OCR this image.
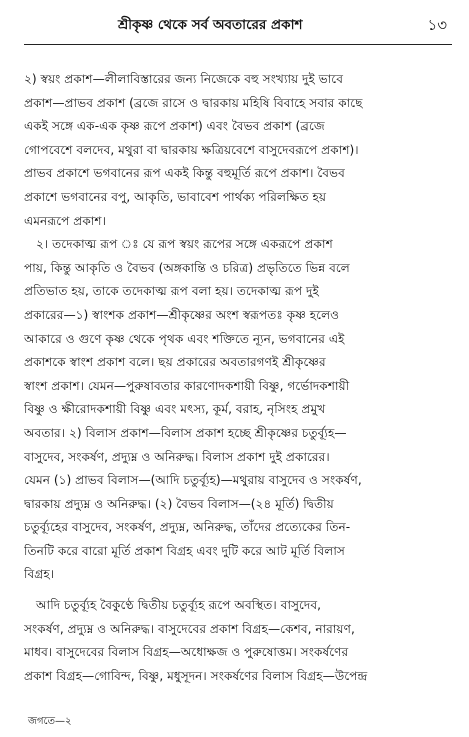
শ্রীকৃষ্ণ থেকে সর্ব অবতারের প্রকাশ	১৩
২) স্বয়ং প্রকাশ—লীলাবিস্তারের জন্য নিজেকে বহু সংখ্যায় দুই ভাবে
প্রকাশ—প্রাভব প্রকাশ (ব্রজে রাসে ও দ্বারকায় মহিষি বিবাহে সবার কাছে
একই সঙ্গে এক-এক কৃষ্ণ রূপে প্রকাশ) এবং বৈভব প্রকাশ (ব্রজে
গোপবেশে বলদেব, মথুরা বা দ্বারকায় ক্ষত্রিয়বেশে বাসুদেবরূপে প্রকাশ)।
প্রাভব প্রকাশে ভগবানের রূপ একই কিন্তু বহুমূর্তি রূপে প্রকাশ। বৈভব
প্রকাশে ভগবানের বপু, আকৃতি, ভাবাবেশ পার্থক্য পরিলক্ষিত হয়
এমনরূপে প্রকাশ।
২। তদেকাত্ম রূপ ঃ যে রূপ স্বয়ং রূপের সঙ্গে একরূপে প্রকাশ
পায়, কিন্তু আকৃতি ও বৈভব (অঙ্গকান্তি ও চরিত্র) প্রভৃতিতে ভিন্ন বলে
প্রতিভাত হয়, তাকে তদেকাত্ম রূপ বলা হয়। তদেকাত্ম রূপ দুই
প্রকারের—১) স্বাংশক প্রকাশ—শ্রীকৃষ্ণের অংশ স্বরূপতঃ কৃষ্ণ হলেও
আকারে ও গুণে কৃষ্ণ থেকে পৃথক এবং শক্তিতে ন্যূন, ভগবানের এই
প্রকাশকে স্বাংশ প্রকাশ বলে। ছয় প্রকারের অবতারগণই শ্রীকৃষ্ণের
স্বাংশ প্রকাশ। যেমন—পুরুষাবতার কারণোদকশায়ী বিষ্ণু, গর্ভোদকশায়ী
বিষ্ণু ও ক্ষীরোদকশায়ী বিষ্ণু এবং মৎস্য, কূর্ম, বরাহ, নৃসিংহ প্রমুখ
অবতার। ২) বিলাস প্রকাশ—বিলাস প্রকাশ হচ্ছে শ্রীকৃষ্ণের চতুর্ব্যূহ—
বাসুদেব, সংকর্ষণ, প্রদ্যুম্ন ও অনিরুদ্ধ। বিলাস প্রকাশ দুই প্রকারের।
যেমন (১) প্রাভব বিলাস—(আদি চতুর্ব্যূহ)—মথুরায় বাসুদেব ও সংকর্ষণ,
দ্বারকায় প্রদ্যুম্ন ও অনিরুদ্ধ। (২) বৈভব বিলাস—(২৪ মূর্তি) দ্বিতীয়
চতুর্ব্যূহের বাসুদেব, সংকর্ষণ, প্রদ্যুম্ন, অনিরুদ্ধ, তাঁদের প্রত্যেকের তিন-
তিনটি করে বারো মূর্তি প্রকাশ বিগ্রহ এবং দুটি করে আট মূর্তি বিলাস
বিগ্রহ।
আদি চতুর্ব্যূহ বৈকুণ্ঠে দ্বিতীয় চতুর্ব্যূহ রূপে অবস্থিত। বাসুদেব,
সংকর্ষণ, প্রদ্যুম্ন ও অনিরুদ্ধ। বাসুদেবের প্রকাশ বিগ্রহ—কেশব, নারায়ণ,
মাধব। বাসুদেবের বিলাস বিগ্রহ—অধোক্ষজ ও পুরুষোত্তম। সংকর্ষণের
প্রকাশ বিগ্রহ—গোবিন্দ, বিষ্ণু, মধুসূদন। সংকর্ষণের বিলাস বিগ্রহ—উপেন্দ্র
জগতে—২
